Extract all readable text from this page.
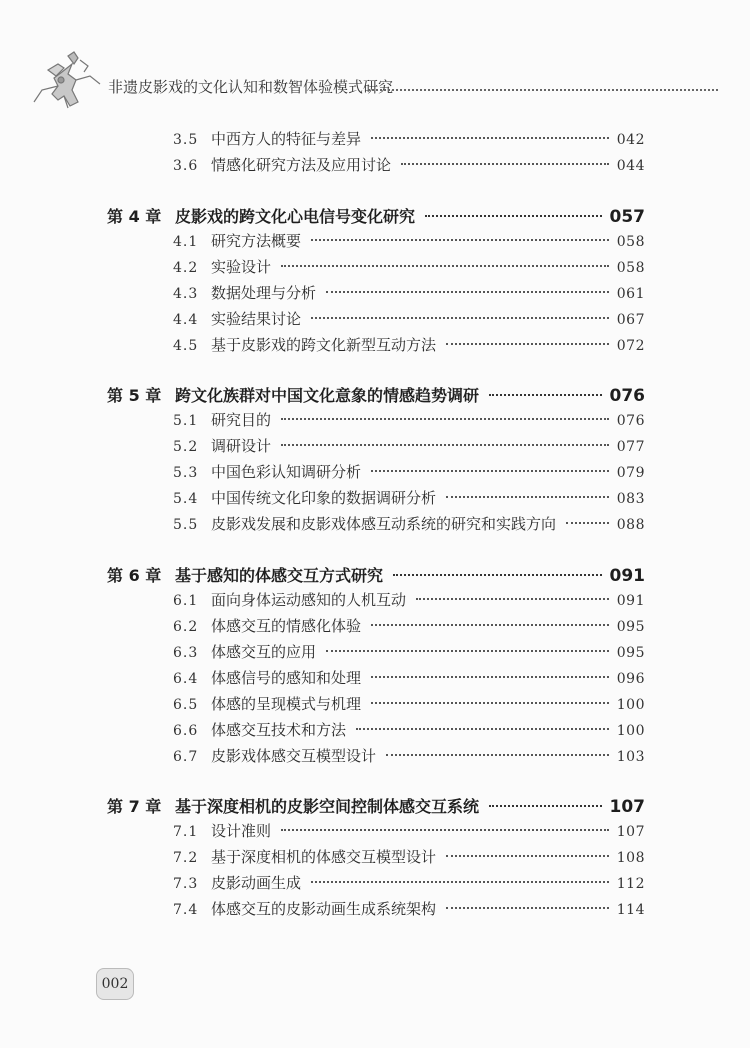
非遗皮影戏的文化认知和数智体验模式研究
3.5 中西方人的特征与差异	042
3.6 情感化研究方法及应用讨论	044
第 4 章 皮影戏的跨文化心电信号变化研究	057
4.1 研究方法概要	058
4.2 实验设计	058
4.3 数据处理与分析	061
4.4 实验结果讨论	067
4.5 基于皮影戏的跨文化新型互动方法	072
第 5 章 跨文化族群对中国文化意象的情感趋势调研	076
5.1 研究目的	076
5.2 调研设计	077
5.3 中国色彩认知调研分析	079
5.4 中国传统文化印象的数据调研分析	083
5.5 皮影戏发展和皮影戏体感互动系统的研究和实践方向	088
第 6 章 基于感知的体感交互方式研究	091
6.1 面向身体运动感知的人机互动	091
6.2 体感交互的情感化体验	095
6.3 体感交互的应用	095
6.4 体感信号的感知和处理	096
6.5 体感的呈现模式与机理	100
6.6 体感交互技术和方法	100
6.7 皮影戏体感交互模型设计	103
第 7 章 基于深度相机的皮影空间控制体感交互系统	107
7.1 设计准则	107
7.2 基于深度相机的体感交互模型设计	108
7.3 皮影动画生成	112
7.4 体感交互的皮影动画生成系统架构	114
002
